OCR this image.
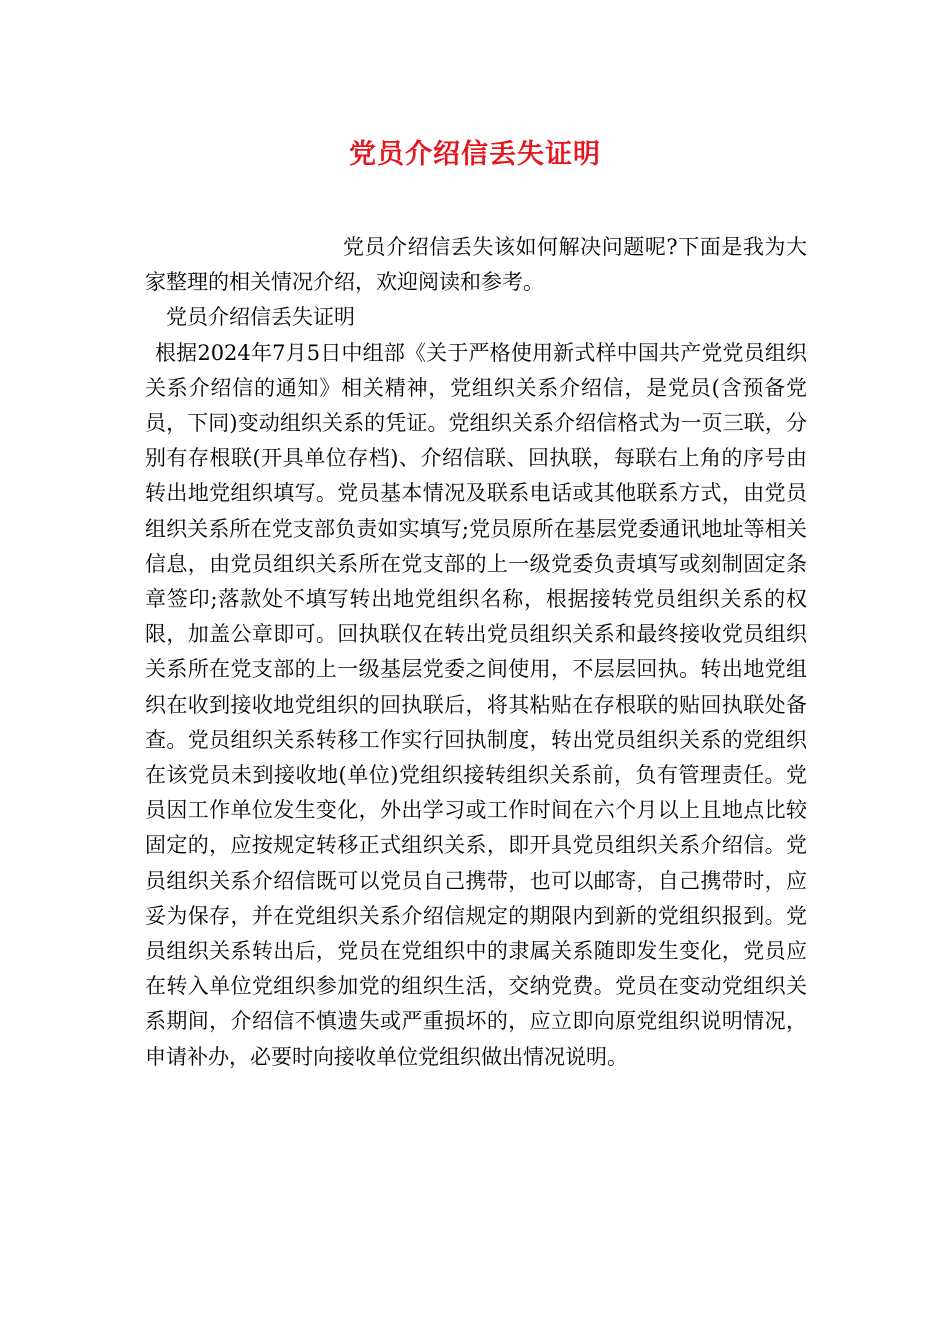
党员介绍信丢失证明

党员介绍信丢失该如何解决问题呢?下面是我为大家整理的相关情况介绍，欢迎阅读和参考。

党员介绍信丢失证明

根据2024年7月5日中组部《关于严格使用新式样中国共产党党员组织关系介绍信的通知》相关精神，党组织关系介绍信，是党员(含预备党员，下同)变动组织关系的凭证。党组织关系介绍信格式为一页三联，分别有存根联(开具单位存档)、介绍信联、回执联，每联右上角的序号由转出地党组织填写。党员基本情况及联系电话或其他联系方式，由党员组织关系所在党支部负责如实填写;党员原所在基层党委通讯地址等相关信息，由党员组织关系所在党支部的上一级党委负责填写或刻制固定条章签印;落款处不填写转出地党组织名称，根据接转党员组织关系的权限，加盖公章即可。回执联仅在转出党员组织关系和最终接收党员组织关系所在党支部的上一级基层党委之间使用，不层层回执。转出地党组织在收到接收地党组织的回执联后，将其粘贴在存根联的贴回执联处备查。党员组织关系转移工作实行回执制度，转出党员组织关系的党组织在该党员未到接收地(单位)党组织接转组织关系前，负有管理责任。党员因工作单位发生变化，外出学习或工作时间在六个月以上且地点比较固定的，应按规定转移正式组织关系，即开具党员组织关系介绍信。党员组织关系介绍信既可以党员自己携带，也可以邮寄，自己携带时，应妥为保存，并在党组织关系介绍信规定的期限内到新的党组织报到。党员组织关系转出后，党员在党组织中的隶属关系随即发生变化，党员应在转入单位党组织参加党的组织生活，交纳党费。党员在变动党组织关系期间，介绍信不慎遗失或严重损坏的，应立即向原党组织说明情况，申请补办，必要时向接收单位党组织做出情况说明。
